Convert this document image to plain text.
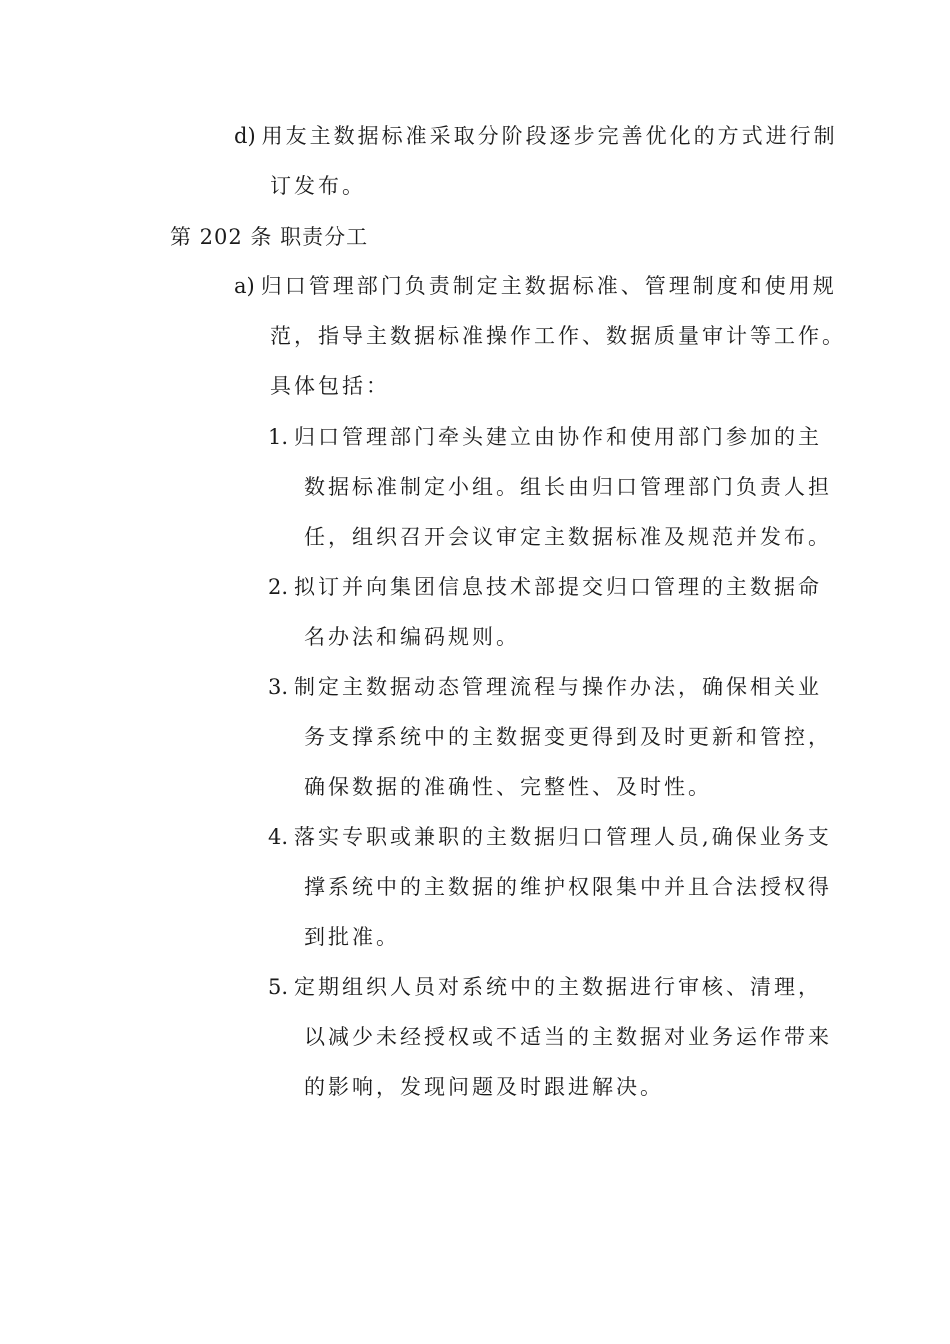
d) 用友主数据标准采取分阶段逐步完善优化的方式进行制
订发布。
第 202 条 职责分工
a) 归口管理部门负责制定主数据标准、管理制度和使用规
范，指导主数据标准操作工作、数据质量审计等工作。
具体包括：
1. 归口管理部门牵头建立由协作和使用部门参加的主
数据标准制定小组。组长由归口管理部门负责人担
任，组织召开会议审定主数据标准及规范并发布。
2. 拟订并向集团信息技术部提交归口管理的主数据命
名办法和编码规则。
3. 制定主数据动态管理流程与操作办法，确保相关业
务支撑系统中的主数据变更得到及时更新和管控，
确保数据的准确性、完整性、及时性。
4. 落实专职或兼职的主数据归口管理人员,确保业务支
撑系统中的主数据的维护权限集中并且合法授权得
到批准。
5. 定期组织人员对系统中的主数据进行审核、清理，
以减少未经授权或不适当的主数据对业务运作带来
的影响，发现问题及时跟进解决。
